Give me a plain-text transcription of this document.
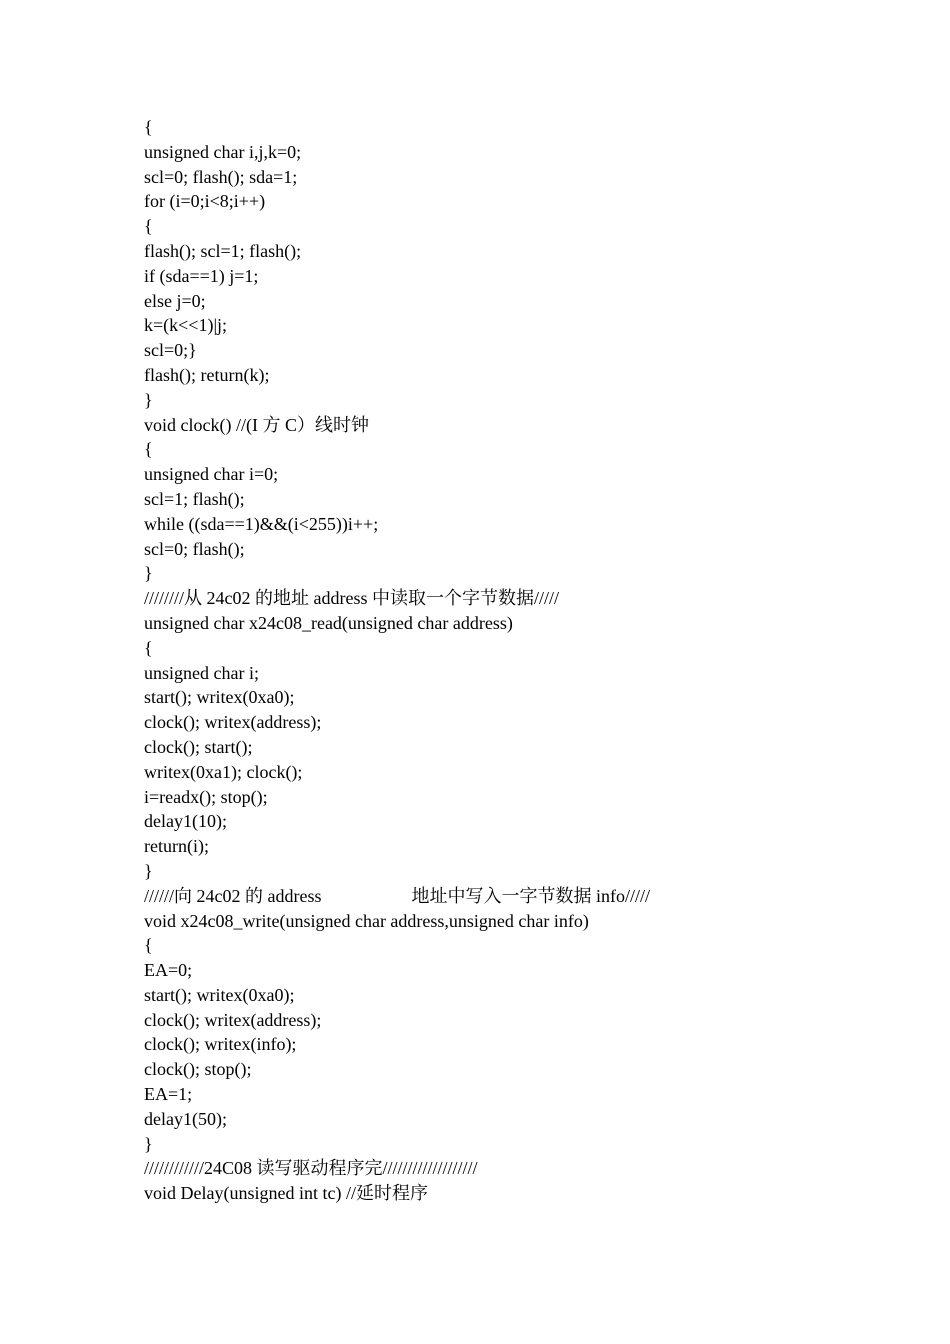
{
unsigned char i,j,k=0;
scl=0; flash(); sda=1;
for (i=0;i<8;i++)
{
flash(); scl=1; flash();
if (sda==1) j=1;
else j=0;
k=(k<<1)|j;
scl=0;}
flash(); return(k);
}
void clock() //(I 方 C）线时钟
{
unsigned char i=0;
scl=1; flash();
while ((sda==1)&&(i<255))i++;
scl=0; flash();
}
////////从 24c02 的地址 address 中读取一个字节数据/////
unsigned char x24c08_read(unsigned char address)
{
unsigned char i;
start(); writex(0xa0);
clock(); writex(address);
clock(); start();
writex(0xa1); clock();
i=readx(); stop();
delay1(10);
return(i);
}
//////向 24c02 的 address                    地址中写入一字节数据 info/////
void x24c08_write(unsigned char address,unsigned char info)
{
EA=0;
start(); writex(0xa0);
clock(); writex(address);
clock(); writex(info);
clock(); stop();
EA=1;
delay1(50);
}
////////////24C08 读写驱动程序完///////////////////
void Delay(unsigned int tc) //延时程序
